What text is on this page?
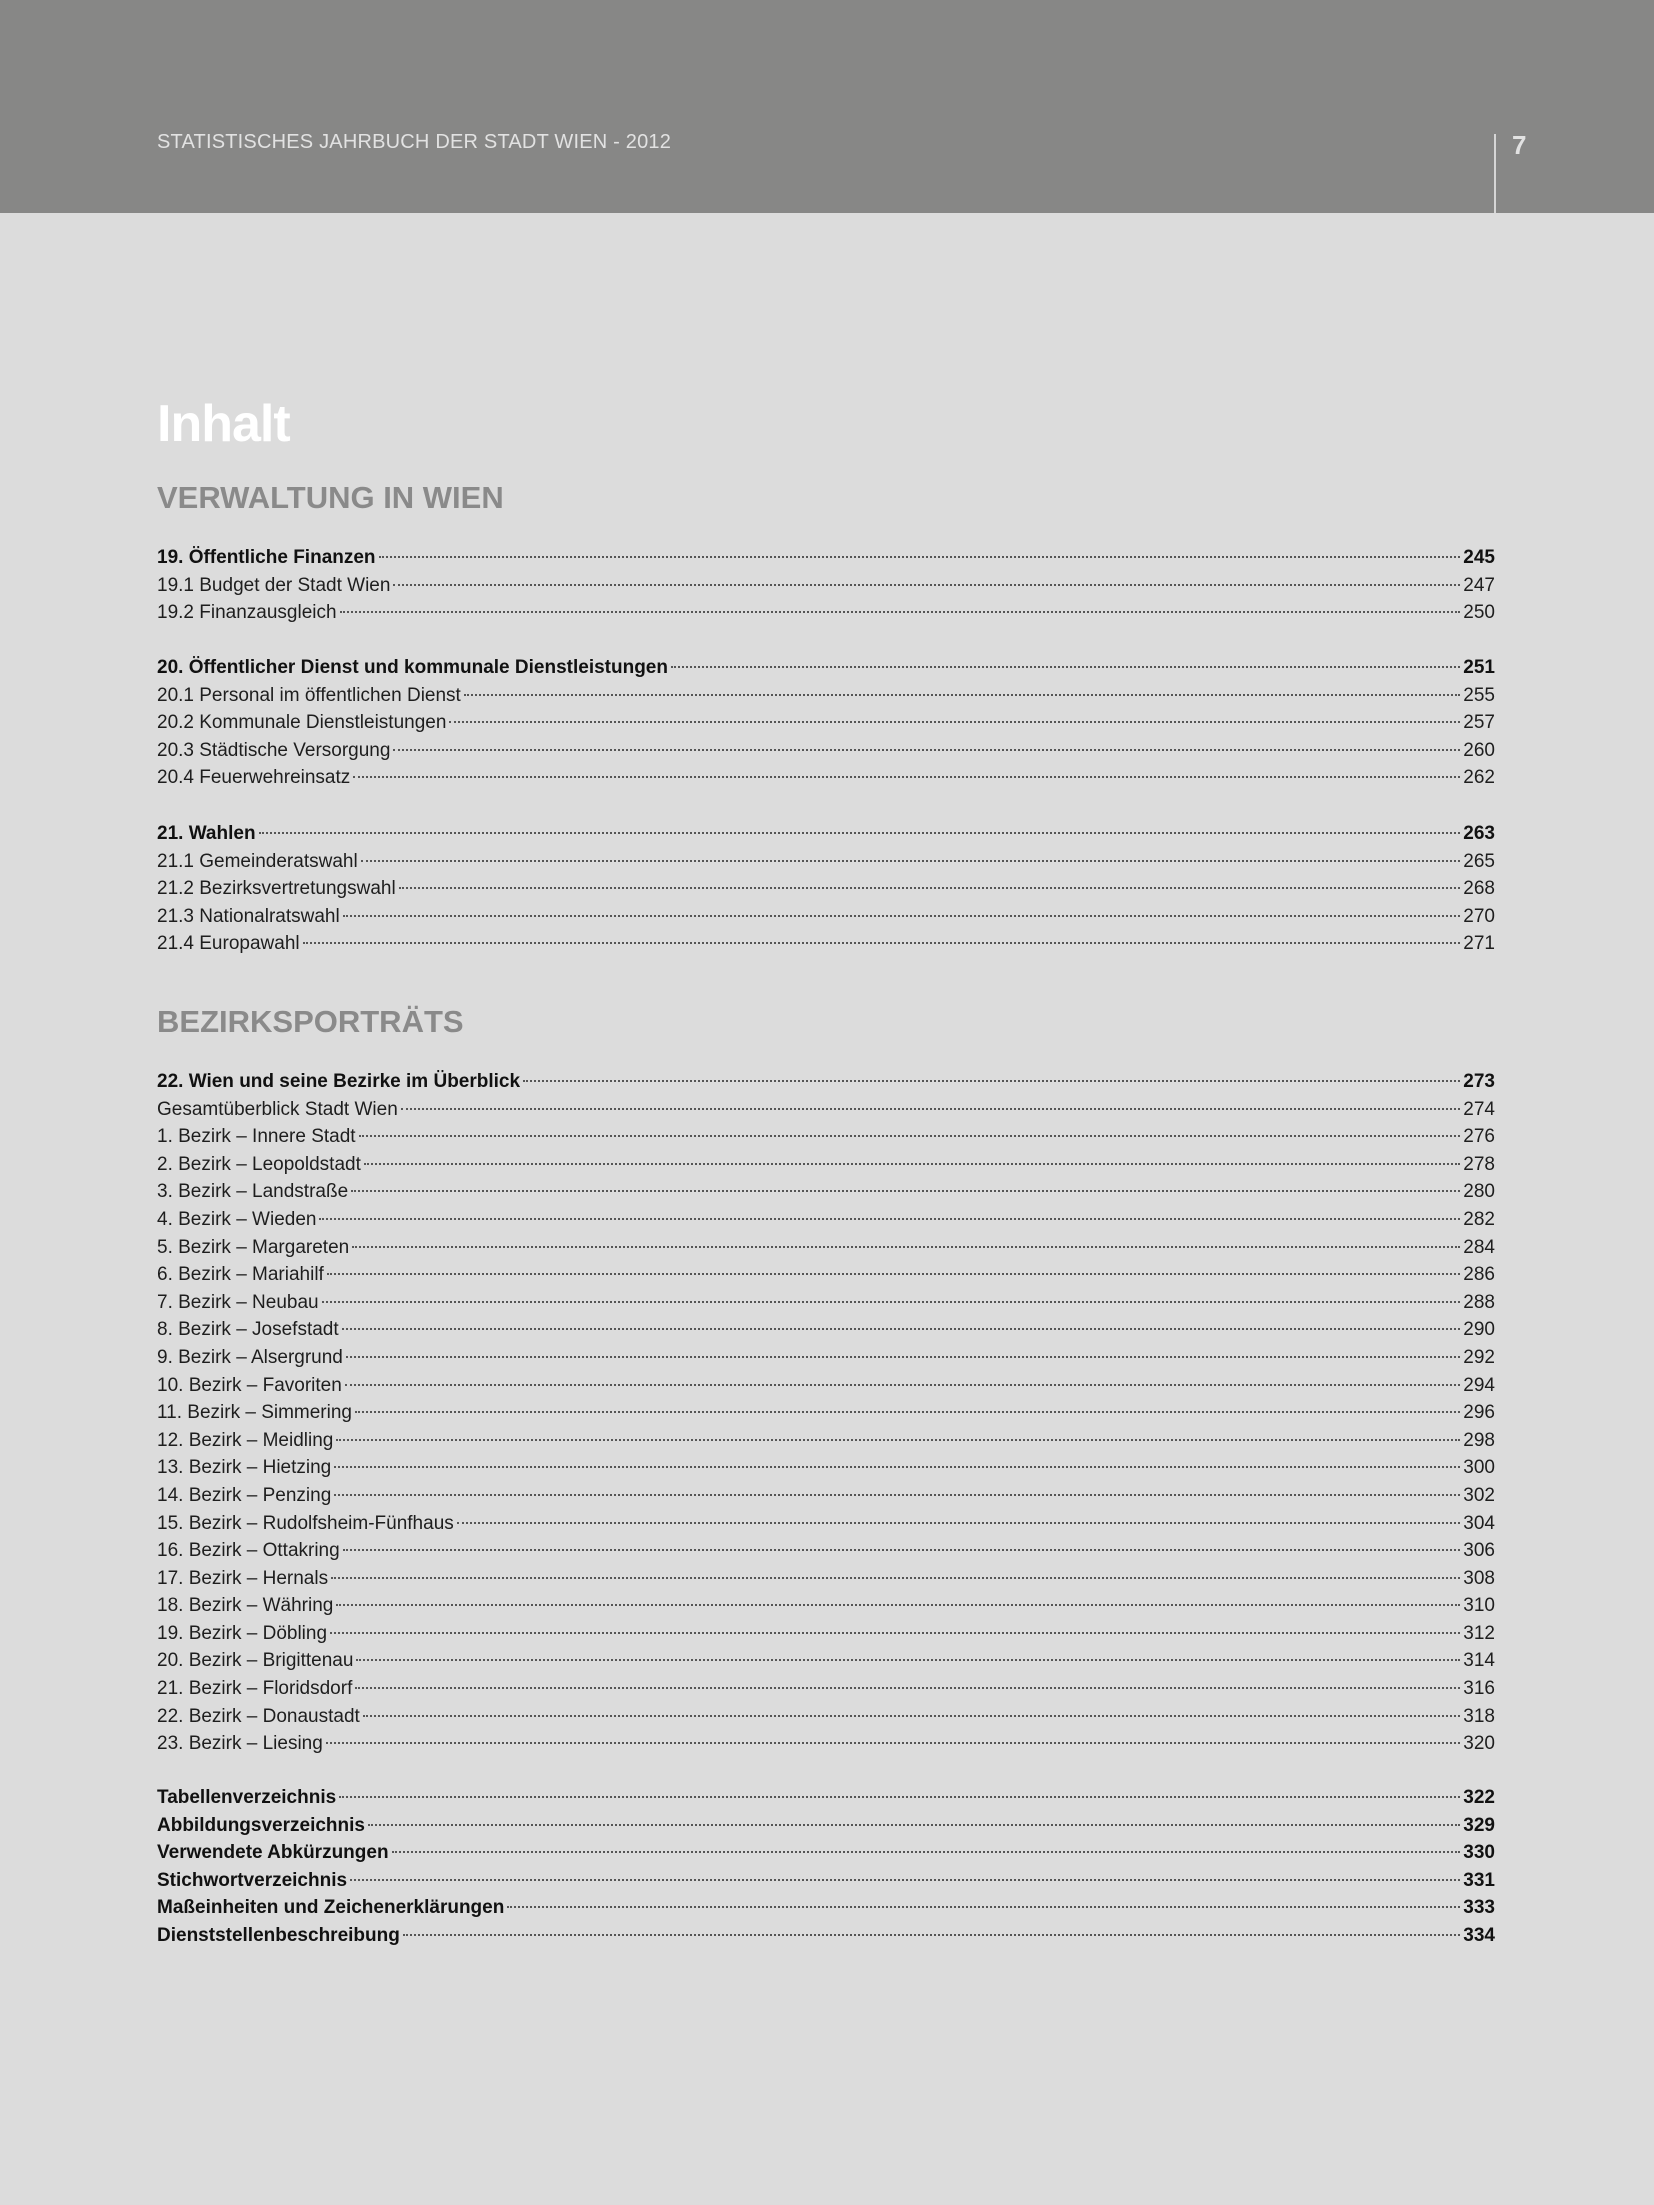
STATISTISCHES JAHRBUCH DER STADT WIEN - 2012	7
Inhalt
VERWALTUNG IN WIEN
19. Öffentliche Finanzen	245
19.1 Budget der Stadt Wien	247
19.2 Finanzausgleich	250
20. Öffentlicher Dienst und kommunale Dienstleistungen	251
20.1 Personal im öffentlichen Dienst	255
20.2 Kommunale Dienstleistungen	257
20.3 Städtische Versorgung	260
20.4 Feuerwehreinsatz	262
21. Wahlen	263
21.1 Gemeinderatswahl	265
21.2 Bezirksvertretungswahl	268
21.3 Nationalratswahl	270
21.4 Europawahl	271
BEZIRKSPORTRÄTS
22. Wien und seine Bezirke im Überblick	273
Gesamtüberblick Stadt Wien	274
1. Bezirk – Innere Stadt	276
2. Bezirk – Leopoldstadt	278
3. Bezirk – Landstraße	280
4. Bezirk – Wieden	282
5. Bezirk – Margareten	284
6. Bezirk – Mariahilf	286
7. Bezirk – Neubau	288
8. Bezirk – Josefstadt	290
9. Bezirk – Alsergrund	292
10. Bezirk – Favoriten	294
11. Bezirk – Simmering	296
12. Bezirk – Meidling	298
13. Bezirk – Hietzing	300
14. Bezirk – Penzing	302
15. Bezirk – Rudolfsheim-Fünfhaus	304
16. Bezirk – Ottakring	306
17. Bezirk – Hernals	308
18. Bezirk – Währing	310
19. Bezirk – Döbling	312
20. Bezirk – Brigittenau	314
21. Bezirk – Floridsdorf	316
22. Bezirk – Donaustadt	318
23. Bezirk – Liesing	320
Tabellenverzeichnis	322
Abbildungsverzeichnis	329
Verwendete Abkürzungen	330
Stichwortverzeichnis	331
Maßeinheiten und Zeichenerklärungen	333
Dienststellenbeschreibung	334
